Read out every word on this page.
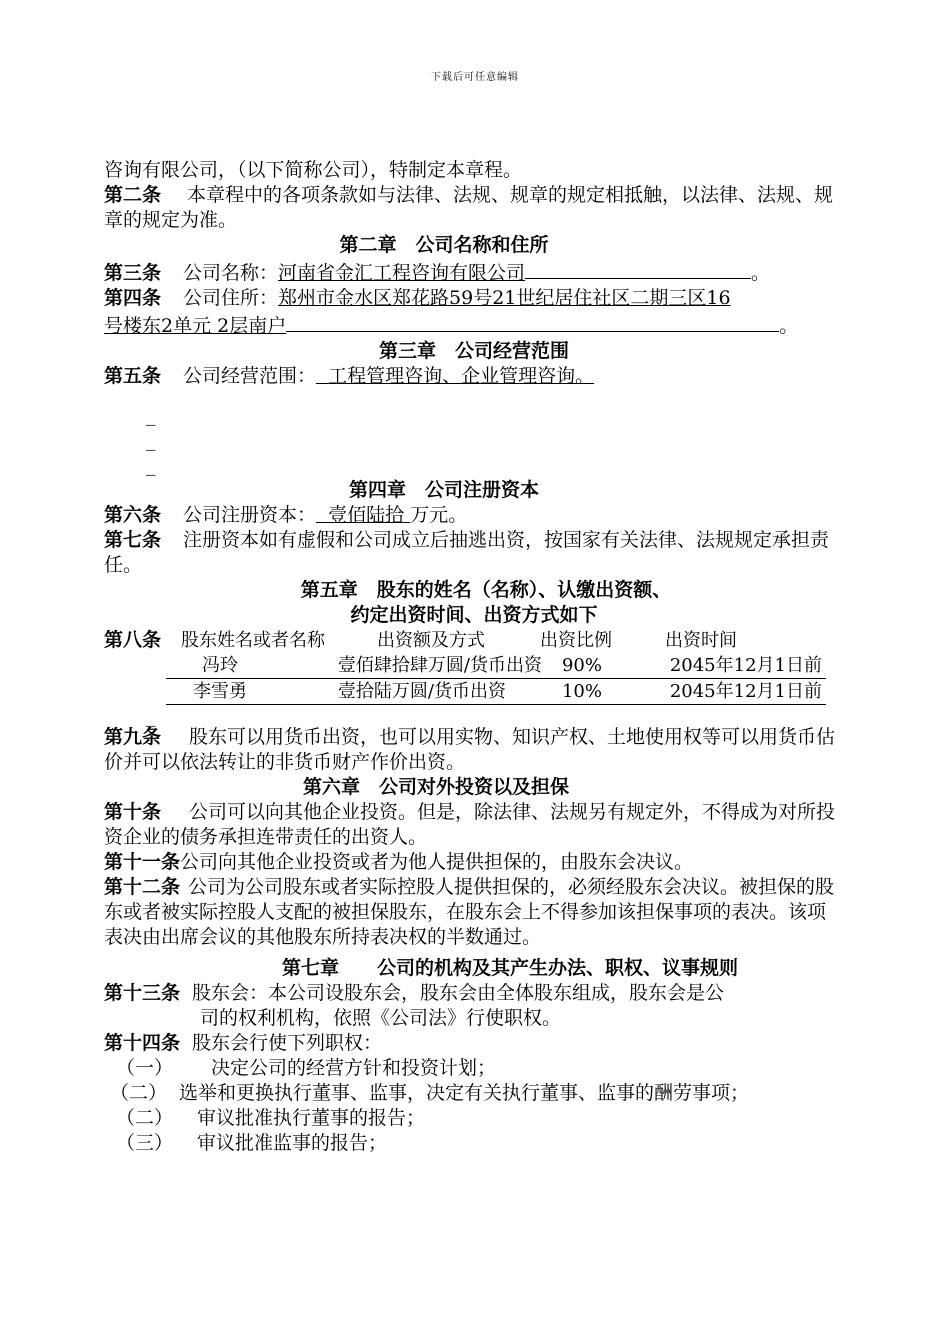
下载后可任意编辑

咨询有限公司，（以下简称公司），特制定本章程。

第二条 本章程中的各项条款如与法律、法规、规章的规定相抵触，以法律、法规、规章的规定为准。

第二章　公司名称和住所

第三条 公司名称：河南省金汇工程咨询有限公司	。

第四条 公司住所：郑州市金水区郑花路59号21世纪居住社区二期三区16

号楼东2单元 2层南户	。

第三章　公司经营范围

第五条 公司经营范围： 工程管理咨询、企业管理咨询。

_
_
_

第四章　公司注册资本

第六条 公司注册资本： 壹佰陆拾 万元。

第七条 注册资本如有虚假和公司成立后抽逃出资，按国家有关法律、法规规定承担责任。

第五章　股东的姓名（名称）、认缴出资额、

约定出资时间、出资方式如下

第八条 股东姓名或者名称	出资额及方式	出资比例	出资时间

冯玲	壹佰肆拾肆万圆/货币出资	90%	2045年12月1日前
李雪勇	壹拾陆万圆/货币出资	10%	2045年12月1日前
_

第九条 股东可以用货币出资，也可以用实物、知识产权、土地使用权等可以用货币估价并可以依法转让的非货币财产作价出资。

第六章　公司对外投资以及担保

第十条 公司可以向其他企业投资。但是，除法律、法规另有规定外，不得成为对所投资企业的债务承担连带责任的出资人。

第十一条公司向其他企业投资或者为他人提供担保的，由股东会决议。

第十二条 公司为公司股东或者实际控股人提供担保的，必须经股东会决议。被担保的股东或者被实际控股人支配的被担保股东，在股东会上不得参加该担保事项的表决。该项表决由出席会议的其他股东所持表决权的半数通过。

第七章　　公司的机构及其产生办法、职权、议事规则

第十三条 股东会：本公司设股东会，股东会由全体股东组成，股东会是公

司的权利机构，依照《公司法》行使职权。

第十四条 股东会行使下列职权：

（一） 决定公司的经营方针和投资计划；

（二） 选举和更换执行董事、监事，决定有关执行董事、监事的酬劳事项；

（二） 审议批准执行董事的报告；

（三） 审议批准监事的报告；
